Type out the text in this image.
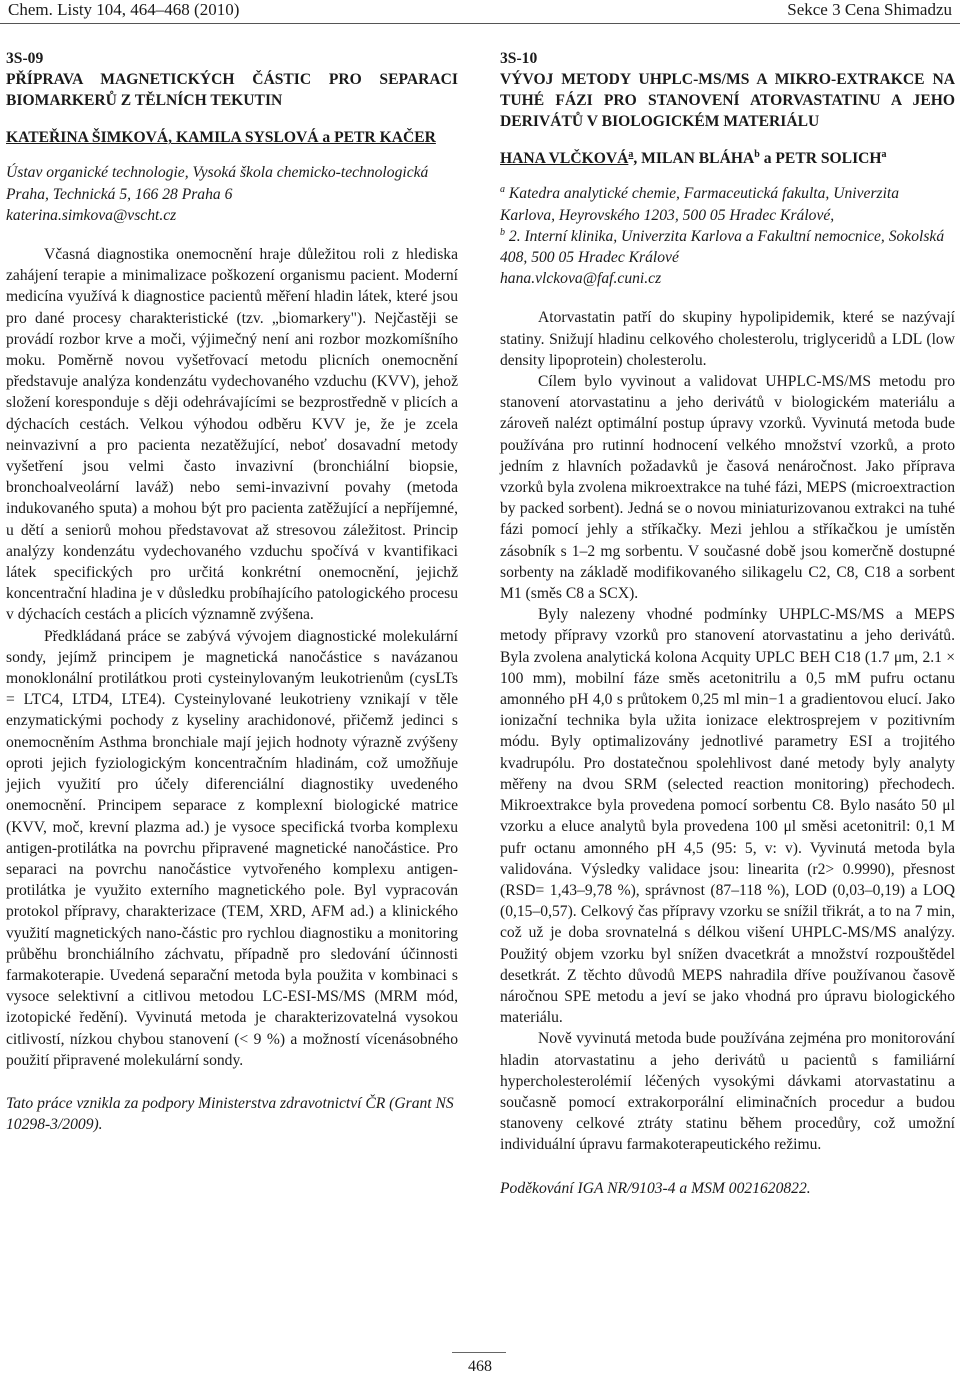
Chem. Listy 104, 464–468 (2010)	Sekce 3 Cena Shimadzu
3S-09
PŘÍPRAVA MAGNETICKÝCH ČÁSTIC PRO SEPARACI BIOMARKERŮ Z TĚLNÍCH TEKUTIN
KATEŘINA ŠIMKOVÁ, KAMILA SYSLOVÁ a PETR KAČER
Ústav organické technologie, Vysoká škola chemicko-technologická Praha, Technická 5, 166 28 Praha 6
katerina.simkova@vscht.cz

Včasná diagnostika onemocnění hraje důležitou roli z hlediska zahájení terapie a minimalizace poškození organismu pacient. Moderní medicína využívá k diagnostice pacientů měření hladin látek, které jsou pro dané procesy charakteristické (tzv. „biomarkery"). Nejčastěji se provádí rozbor krve a moči, výjimečný není ani rozbor mozkomíšního moku. Poměrně novou vyšetřovací metodu plicních onemocnění představuje analýza kondenzátu vydechovaného vzduchu (KVV), jehož složení koresponduje s ději odehrávajícími se bezprostředně v plicích a dýchacích cestách. Velkou výhodou odběru KVV je, že je zcela neinvazivní a pro pacienta nezatěžující, neboť dosavadní metody vyšetření jsou velmi často invazivní (bronchiální biopsie, bronchoalveolární laváž) nebo semi-invazivní povahy (metoda indukovaného sputa) a mohou být pro pacienta zatěžující a nepříjemné, u dětí a seniorů mohou představovat až stresovou záležitost. Princip analýzy kondenzátu vydechovaného vzduchu spočívá v kvantifikaci látek specifických pro určitá konkrétní onemocnění, jejichž koncentrační hladina je v důsledku probíhajícího patologického procesu v dýchacích cestách a plicích významně zvýšena.

Předkládaná práce se zabývá vývojem diagnostické molekulární sondy, jejímž principem je magnetická nanočástice s navázanou monoklonální protilátkou proti cysteinylovaným leukotrienům (cysLTs = LTC4, LTD4, LTE4). Cysteinylované leukotrieny vznikají v těle enzymatickými pochody z kyseliny arachidonové, přičemž jedinci s onemocněním Asthma bronchiale mají jejich hodnoty výrazně zvýšeny oproti jejich fyziologickým koncentračním hladinám, což umožňuje jejich využití pro účely diferenciální diagnostiky uvedeného onemocnění. Principem separace z komplexní biologické matrice (KVV, moč, krevní plazma ad.) je vysoce specifická tvorba komplexu antigen-protilátka na povrchu připravené magnetické nanočástice. Pro separaci na povrchu nanočástice vytvořeného komplexu antigen-protilátka je využito externího magnetického pole. Byl vypracován protokol přípravy, charakterizace (TEM, XRD, AFM ad.) a klinického využití magnetických nano-částic pro rychlou diagnostiku a monitoring průběhu bronchiálního záchvatu, případně pro sledování účinnosti farmakoterapie. Uvedená separační metoda byla použita v kombinaci s vysoce selektivní a citlivou metodou LC-ESI-MS/MS (MRM mód, izotopické ředění). Vyvinutá metoda je charakterizovatelná vysokou citlivostí, nízkou chybou stanovení (< 9 %) a možností vícenásobného použití připravené molekulární sondy.

Tato práce vznikla za podpory Ministerstva zdravotnictví ČR (Grant NS 10298-3/2009).
3S-10
VÝVOJ METODY UHPLC-MS/MS A MIKRO-EXTRAKCE NA TUHÉ FÁZI PRO STANOVENÍ ATORVASTATINU A JEHO DERIVÁTŮ V BIOLOGICKÉM MATERIÁLU
HANA VLČKOVÁ$^a$, MILAN BLÁHA$^b$ a PETR SOLICH$^a$
$^a$ Katedra analytické chemie, Farmaceutická fakulta, Univerzita Karlova, Heyrovského 1203, 500 05 Hradec Králové,
$^b$ 2. Interní klinika, Univerzita Karlova a Fakultní nemocnice, Sokolská 408, 500 05 Hradec Králové
hana.vlckova@faf.cuni.cz

Atorvastatin patří do skupiny hypolipidemik, které se nazývají statiny. Snižují hladinu celkového cholesterolu, triglyceridů a LDL (low density lipoprotein) cholesterolu.

Cílem bylo vyvinout a validovat UHPLC-MS/MS metodu pro stanovení atorvastatinu a jeho derivátů v biologickém materiálu a zároveň nalézt optimální postup úpravy vzorků. Vyvinutá metoda bude používána pro rutinní hodnocení velkého množství vzorků, a proto jedním z hlavních požadavků je časová nenáročnost. Jako příprava vzorků byla zvolena mikroextrakce na tuhé fázi, MEPS (microextraction by packed sorbent). Jedná se o novou miniaturizovanou extrakci na tuhé fázi pomocí jehly a stříkačky. Mezi jehlou a stříkačkou je umístěn zásobník s 1–2 mg sorbentu. V současné době jsou komerčně dostupné sorbenty na základě modifikovaného silikagelu C2, C8, C18 a sorbent M1 (směs C8 a SCX).

Byly nalezeny vhodné podmínky UHPLC-MS/MS a MEPS metody přípravy vzorků pro stanovení atorvastatinu a jeho derivátů. Byla zvolena analytická kolona Acquity UPLC BEH C18 (1.7 μm, 2.1 × 100 mm), mobilní fáze směs acetonitrilu a 0,5 mM pufru octanu amonného pH 4,0 s průtokem 0,25 ml min−1 a gradientovou elucí. Jako ionizační technika byla užita ionizace elektrosprejem v pozitivním módu. Byly optimalizovány jednotlivé parametry ESI a trojitého kvadrupólu. Pro dostatečnou spolehlivost dané metody byly analyty měřeny na dvou SRM (selected reaction monitoring) přechodech. Mikroextrakce byla provedena pomocí sorbentu C8. Bylo nasáto 50 μl vzorku a eluce analytů byla provedena 100 μl směsi acetonitril: 0,1 M pufr octanu amonného pH 4,5 (95: 5, v: v). Vyvinutá metoda byla validována. Výsledky validace jsou: linearita (r2> 0.9990), přesnost (RSD= 1,43–9,78 %), správnost (87–118 %), LOD (0,03–0,19) a LOQ (0,15–0,57). Celkový čas přípravy vzorku se snížil třikrát, a to na 7 min, což už je doba srovnatelná s délkou višení UHPLC-MS/MS analýzy. Použitý objem vzorku byl snížen dvacetkrát a množství rozpouštědel desetkrát. Z těchto důvodů MEPS nahradila dříve používanou časově náročnou SPE metodu a jeví se jako vhodná pro úpravu biologického materiálu.

Nově vyvinutá metoda bude používána zejména pro monitorování hladin atorvastatinu a jeho derivátů u pacientů s familiární hypercholesterolémií léčených vysokými dávkami atorvastatinu a současně pomocí extrakorporální eliminačních procedur a budou stanoveny celkové ztráty statinu během procedůry, což umožní individuální úpravu farmakoterapeutického režimu.

Poděkování IGA NR/9103-4 a MSM 0021620822.
468
